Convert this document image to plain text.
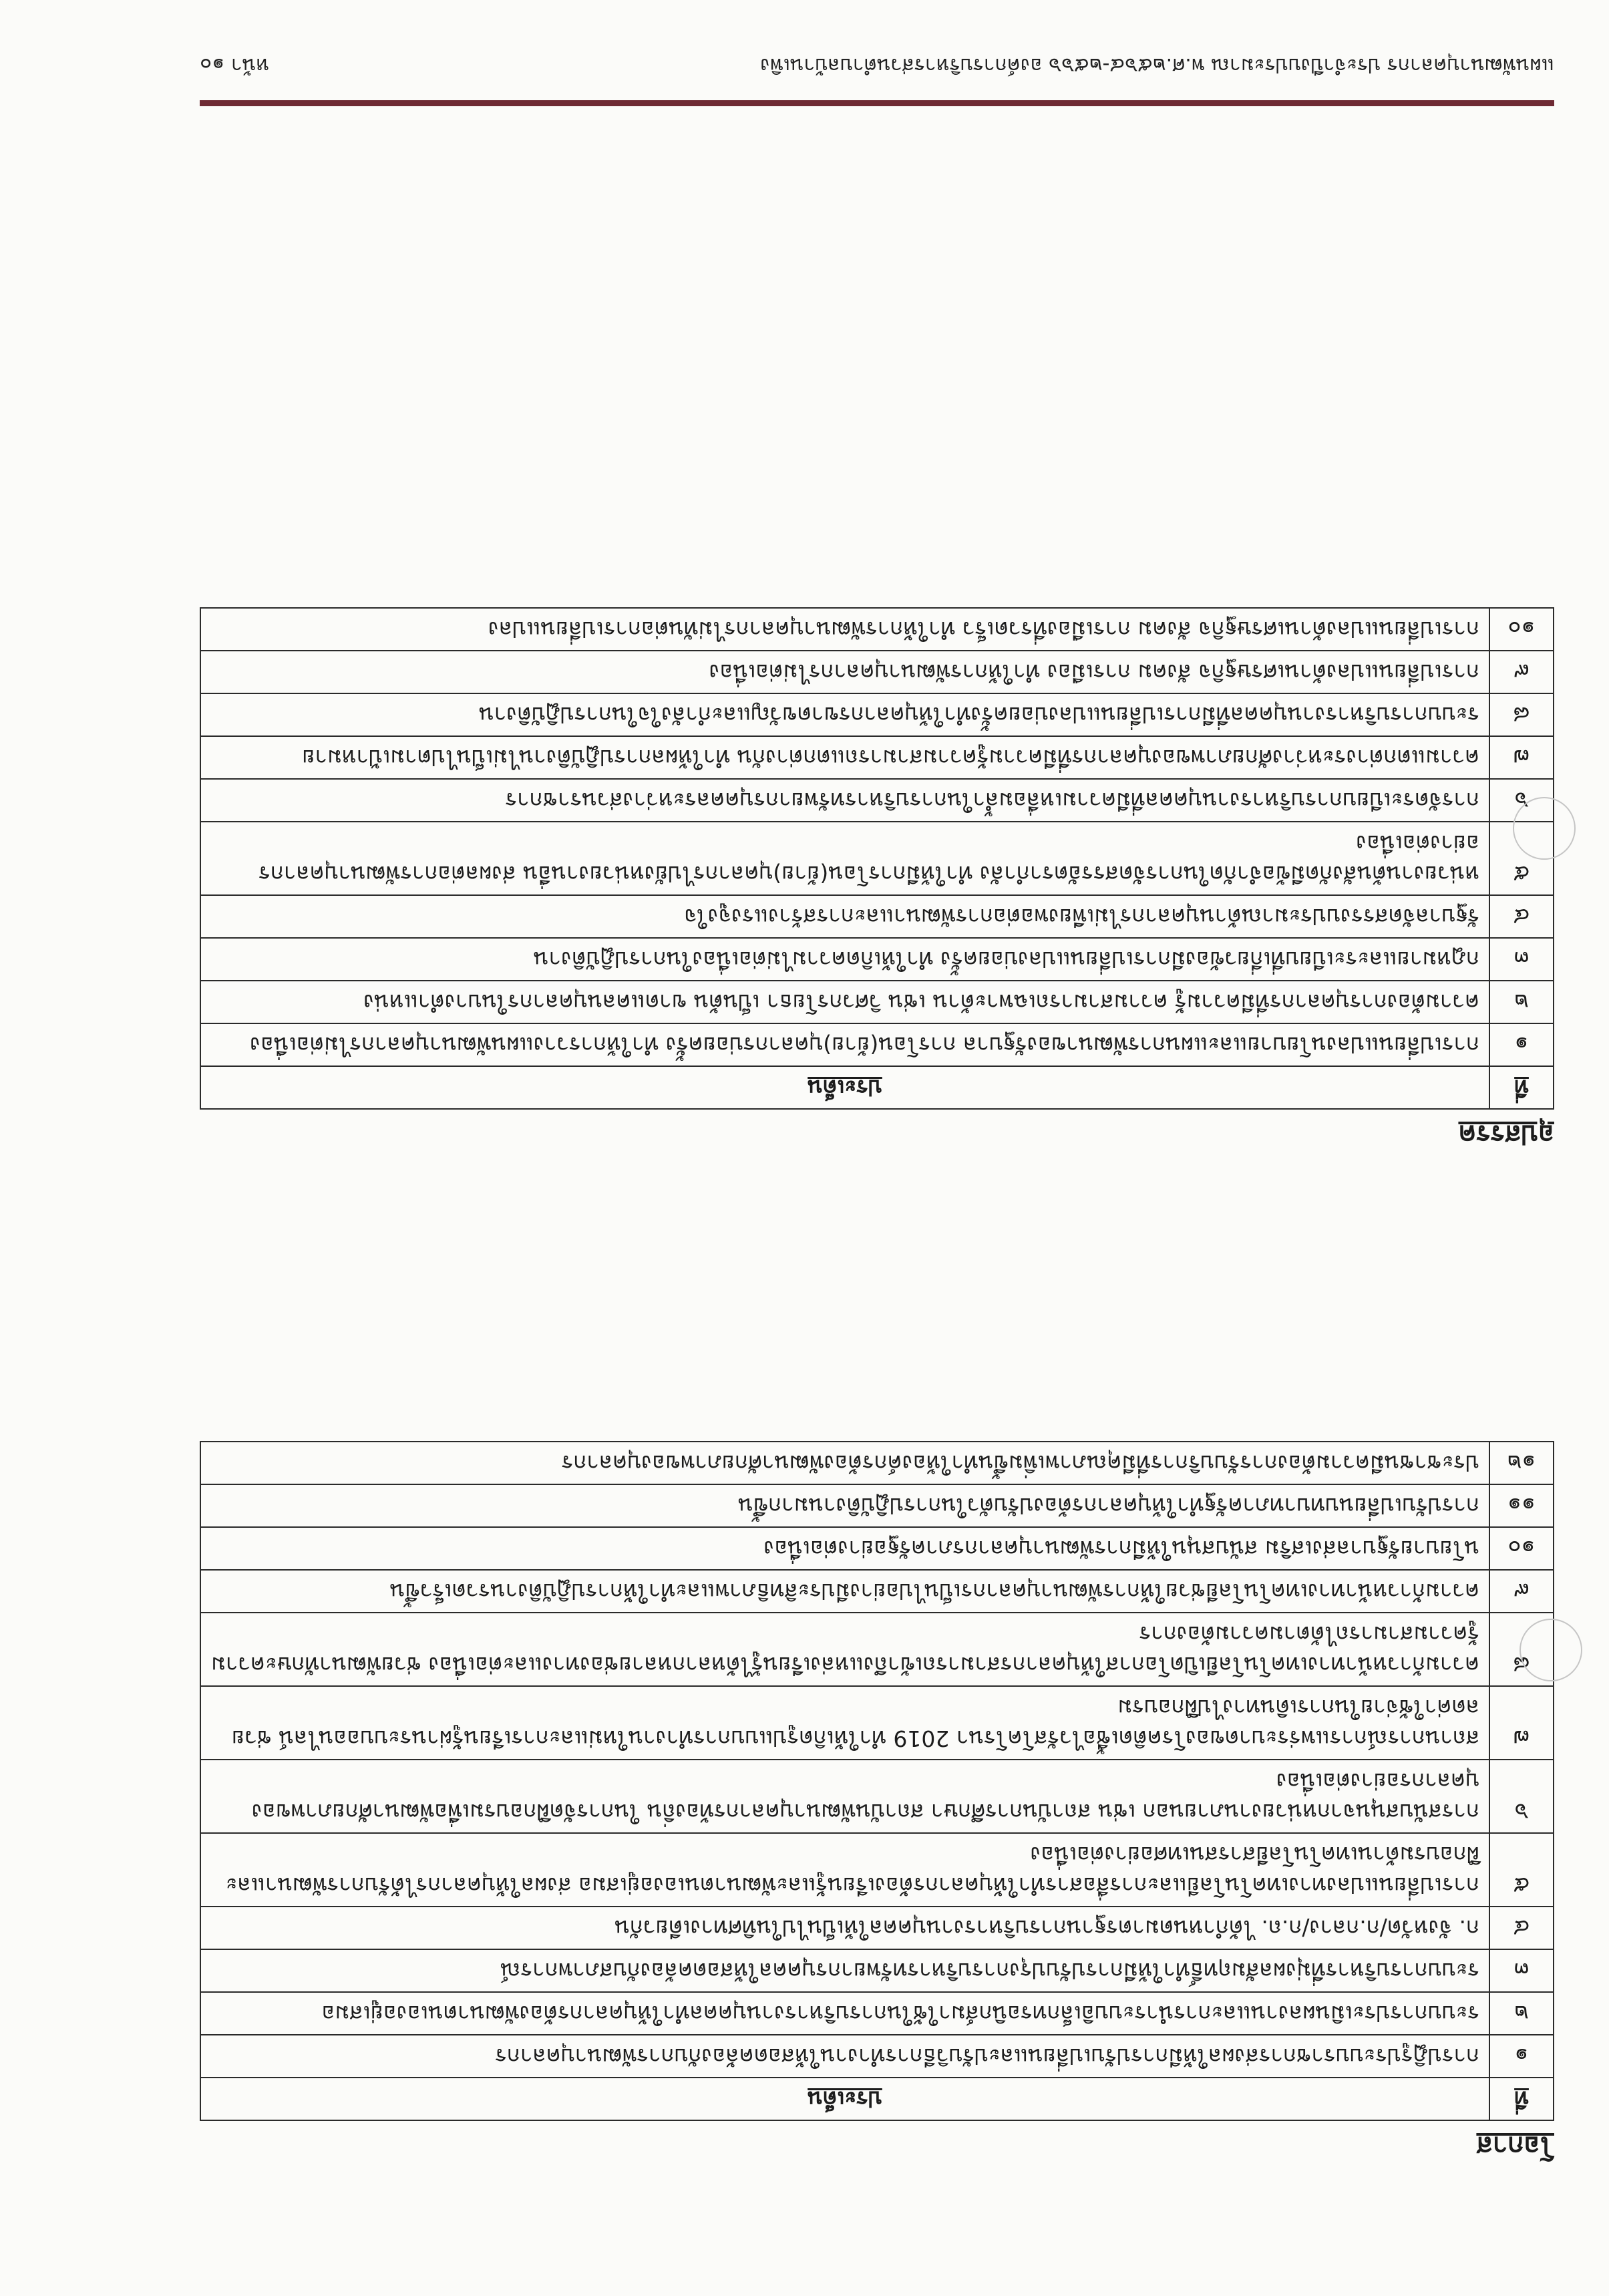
โอกาส
ที่	ประเด็น
๑	การปฏิรูประบบราชการส่งผลให้มีการปรับเปลี่ยนและปรับวิธีการทำงานให้สอดคล้องกับการพัฒนาบุคลากร
๒	ระบบการประเมินผลงานและการนำระบบอิเล็กทรอนิกส์มาใช้ในการบริหารงานบุคคลทำให้บุคลากรต้องพัฒนาตนเองอยู่เสมอ
๓	ระบบการบริหารที่มุ่งผลสัมฤทธิ์ทำให้มีการปรับปรุงการบริหารทรัพยากรบุคคลให้สอดคล้องกับสภาพการณ์
๔	ก. จังหวัด/ก.กลาง/ก.ถ. ได้กำหนดมาตรฐานการบริหารงานบุคคลให้เป็นไปในทิศทางเดียวกัน
๕	การเปลี่ยนแปลงทางเทคโนโลยีและการสื่อสารทำให้บุคลากรต้องเรียนรู้และพัฒนาตนเองอยู่เสมอ ส่งผลให้บุคลากรได้รับการพัฒนาและฝึกอบรมด้านเทคโนโลยีสารสนเทศอย่างต่อเนื่อง
๖	การสนับสนุนจากหน่วยงานภายนอก เช่น สถาบันการศึกษา สถาบันพัฒนาบุคลากรท้องถิ่น ในการจัดฝึกอบรมเพื่อพัฒนาศักยภาพของบุคลากรอย่างต่อเนื่อง
๗	สถานการณ์การแพร่ระบาดของโรคติดเชื้อไวรัสโคโรนา 2019 ทำให้เกิดรูปแบบการทำงานใหม่และการเรียนรู้ผ่านระบบออนไลน์ ช่วยลดค่าใช้จ่ายในการเดินทางไปฝึกอบรม
๘	ความก้าวหน้าทางเทคโนโลยีเปิดโอกาสให้บุคลากรสามารถเข้าถึงแหล่งเรียนรู้ได้หลากหลายช่องทางและต่อเนื่อง ช่วยพัฒนาทักษะความรู้ความสามารถได้ตามความต้องการ
๙	ความก้าวหน้าทางเทคโนโลยีช่วยให้การพัฒนาบุคลากรเป็นไปอย่างมีประสิทธิภาพและทำให้การปฏิบัติงานรวดเร็วขึ้น
๑๐	นโยบายรัฐบาลส่งเสริม สนับสนุนให้มีการพัฒนาบุคลากรภาครัฐอย่างต่อเนื่อง
๑๑	การปรับเปลี่ยนบทบาทภาครัฐทำให้บุคลากรต้องปรับตัวในการปฏิบัติงานมากขึ้น
๑๒	ประชาชนมีความต้องการรับบริการที่มีคุณภาพเพิ่มขึ้นทำให้องค์กรต้องพัฒนาศักยภาพของบุคลากร
อุปสรรค
ที่	ประเด็น
๑	การเปลี่ยนแปลงนโยบายและแผนการพัฒนาของรัฐบาล การโอน(ย้าย)บุคลากรบ่อยครั้ง ทำให้การวางแผนพัฒนาบุคลากรไม่ต่อเนื่อง
๒	ความต้องการบุคลากรที่มีความรู้ ความสามารถเฉพาะด้าน เช่น วิศวกรโยธา เป็นต้น ขาดแคลนบุคลากรในบางตำแหน่ง
๓	กฎหมายและระเบียบที่เกี่ยวข้องมีการเปลี่ยนแปลงบ่อยครั้ง ทำให้เกิดความไม่ต่อเนื่องในการปฏิบัติงาน
๔	รัฐบาลจัดสรรงบประมาณด้านบุคลากรไม่เพียงพอต่อการพัฒนาและการสร้างแรงจูงใจ
๕	หน่วยงานต้นสังกัดมีข้อจำกัดในการจัดสรรอัตรากำลัง ทำให้มีการโอน(ย้าย)บุคลากรไปยังหน่วยงานอื่น ส่งผลต่อการพัฒนาบุคลากรอย่างต่อเนื่อง
๖	การจัดระเบียบการบริหารงานบุคคลที่มีความเหลื่อมล้ำในการบริหารทรัพยากรบุคคลระหว่างส่วนราชการ
๗	ความแตกต่างระหว่างศักยภาพของบุคลากรที่มีความรู้ความสามารถแตกต่างกัน ทำให้ผลการปฏิบัติงานไม่เป็นไปตามเป้าหมาย
๘	ระบบการบริหารงานบุคคลที่มีการเปลี่ยนแปลงบ่อยครั้งทำให้บุคลากรขาดขวัญและกำลังใจในการปฏิบัติงาน
๙	การเปลี่ยนแปลงด้านเศรษฐกิจ สังคม การเมือง ทำให้การพัฒนาบุคลากรไม่ต่อเนื่อง
๑๐	การเปลี่ยนแปลงด้านเศรษฐกิจ สังคม การเมืองที่รวดเร็ว ทำให้การพัฒนาบุคลากรไม่ทันต่อการเปลี่ยนแปลง
แผนพัฒนาบุคลากร ประจำปีงบประมาณ พ.ศ.๒๕๖๔-๒๕๖๖ องค์การบริหารส่วนตำบลบ้านเพิง
หน้า ๑๐
